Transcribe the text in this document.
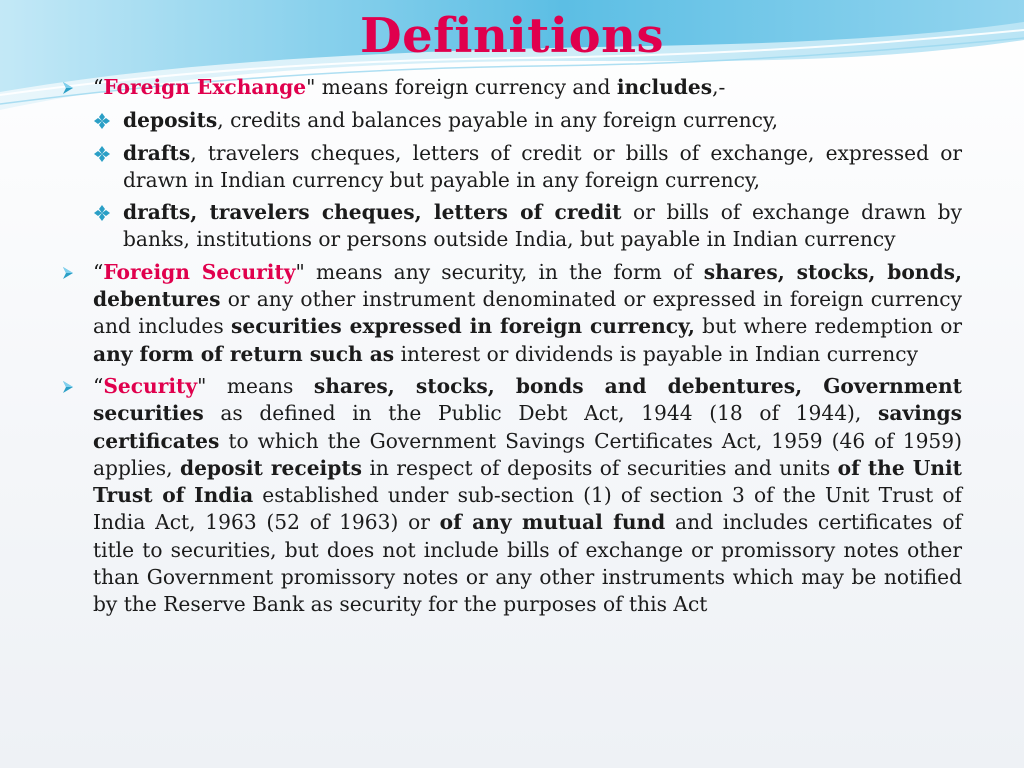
Definitions
“Foreign Exchange" means foreign currency and includes,-
deposits, credits and balances payable in any foreign currency,
drafts, travelers cheques, letters of credit or bills of exchange, expressed or drawn in Indian currency but payable in any foreign currency,
drafts, travelers cheques, letters of credit or bills of exchange drawn by banks, institutions or persons outside India, but payable in Indian currency
“Foreign Security" means any security, in the form of shares, stocks, bonds, debentures or any other instrument denominated or expressed in foreign currency and includes securities expressed in foreign currency, but where redemption or any form of return such as interest or dividends is payable in Indian currency
“Security" means shares, stocks, bonds and debentures, Government securities as defined in the Public Debt Act, 1944 (18 of 1944), savings certificates to which the Government Savings Certificates Act, 1959 (46 of 1959) applies, deposit receipts in respect of deposits of securities and units of the Unit Trust of India established under sub-section (1) of section 3 of the Unit Trust of India Act, 1963 (52 of 1963) or of any mutual fund and includes certificates of title to securities, but does not include bills of exchange or promissory notes other than Government promissory notes or any other instruments which may be notified by the Reserve Bank as security for the purposes of this Act
